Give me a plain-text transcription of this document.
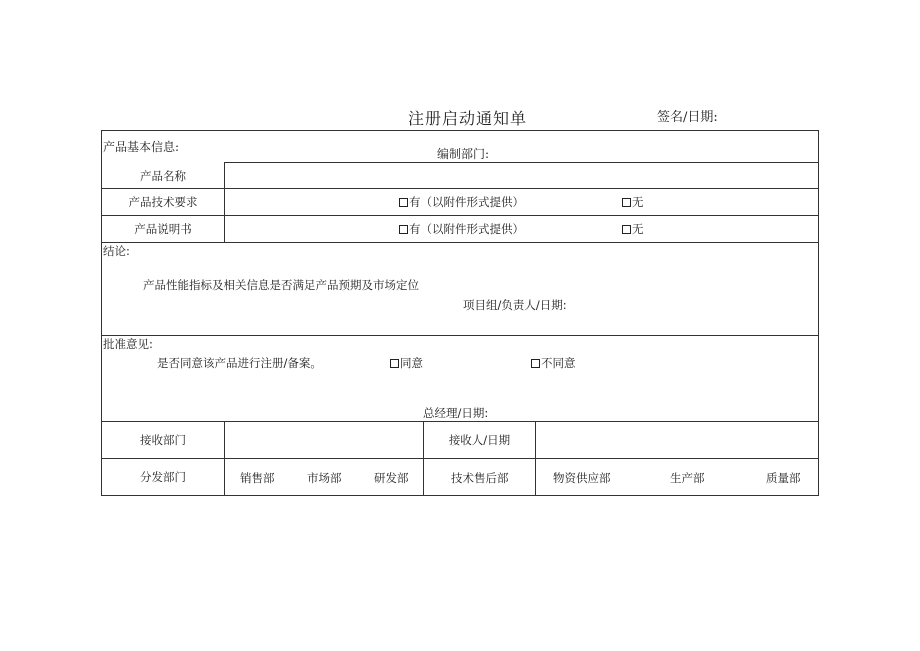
注册启动通知单	签名/日期:
产品基本信息:	编制部门:
产品名称
产品技术要求	有（以附件形式提供）	无
产品说明书	有（以附件形式提供）	无
结论:
产品性能指标及相关信息是否满足产品预期及市场定位
项目组/负责人/日期:
批准意见:
是否同意该产品进行注册/备案。	同意	不同意
总经理/日期:
接收部门	接收人/日期
分发部门	销售部	市场部	研发部	技术售后部	物资供应部	生产部	质量部
